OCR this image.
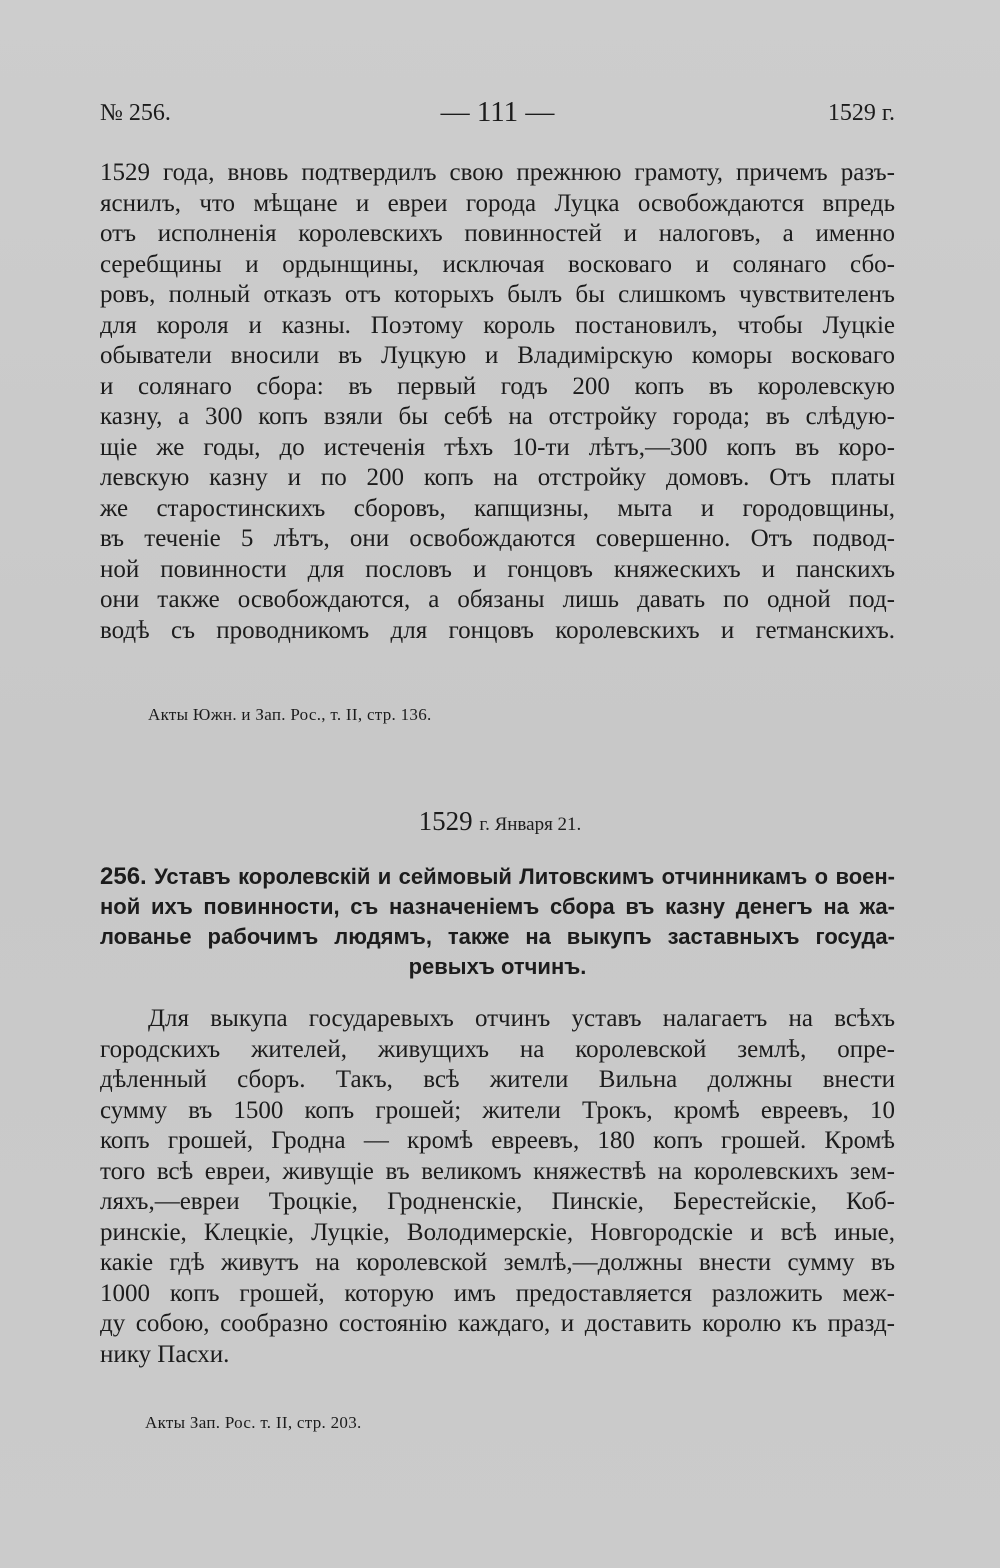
№ 256.	— 111 —	1529 г.
1529 года, вновь подтвердилъ свою прежнюю грамоту, причемъ разъ-
яснилъ, что мѣщане и евреи города Луцка освобождаются впредь
отъ исполненія королевскихъ повинностей и налоговъ, а именно
серебщины и ордынщины, исключая восковаго и солянаго сбо-
ровъ, полный отказъ отъ которыхъ былъ бы слишкомъ чувствителенъ
для короля и казны. Поэтому король постановилъ, чтобы Луцкіе
обыватели вносили въ Луцкую и Владимірскую коморы восковаго
и солянаго сбора: въ первый годъ 200 копъ въ королевскую
казну, а 300 копъ взяли бы себѣ на отстройку города; въ слѣдую-
щіе же годы, до истеченія тѣхъ 10-ти лѣтъ,—300 копъ въ коро-
левскую казну и по 200 копъ на отстройку домовъ. Отъ платы
же старостинскихъ сборовъ, капщизны, мыта и городовщины,
въ теченіе 5 лѣтъ, они освобождаются совершенно. Отъ подвод-
ной повинности для пословъ и гонцовъ княжескихъ и панскихъ
они также освобождаются, а обязаны лишь давать по одной под-
водѣ съ проводникомъ для гонцовъ королевскихъ и гетманскихъ.
Акты Южн. и Зап. Рос., т. II, стр. 136.
1529 г. Января 21.
256. Уставъ королевскій и сеймовый Литовскимъ отчинникамъ о воен-
ной ихъ повинности, съ назначеніемъ сбора въ казну денегъ на жа-
лованье рабочимъ людямъ, также на выкупъ заставныхъ госуда-
ревыхъ отчинъ.
Для выкупа государевыхъ отчинъ уставъ налагаетъ на всѣхъ
городскихъ жителей, живущихъ на королевской землѣ, опре-
дѣленный сборъ. Такъ, всѣ жители Вильна должны внести
сумму въ 1500 копъ грошей; жители Трокъ, кромѣ евреевъ, 10
копъ грошей, Гродна — кромѣ евреевъ, 180 копъ грошей. Кромѣ
того всѣ евреи, живущіе въ великомъ княжествѣ на королевскихъ зем-
ляхъ,—евреи Троцкіе, Гродненскіе, Пинскіе, Берестейскіе, Коб-
ринскіе, Клецкіе, Луцкіе, Володимерскіе, Новгородскіе и всѣ иные,
какіе гдѣ живутъ на королевской землѣ,—должны внести сумму въ
1000 копъ грошей, которую имъ предоставляется разложить меж-
ду собою, сообразно состоянію каждаго, и доставить королю къ празд-
нику Пасхи.
Акты Зап. Рос. т. II, стр. 203.
